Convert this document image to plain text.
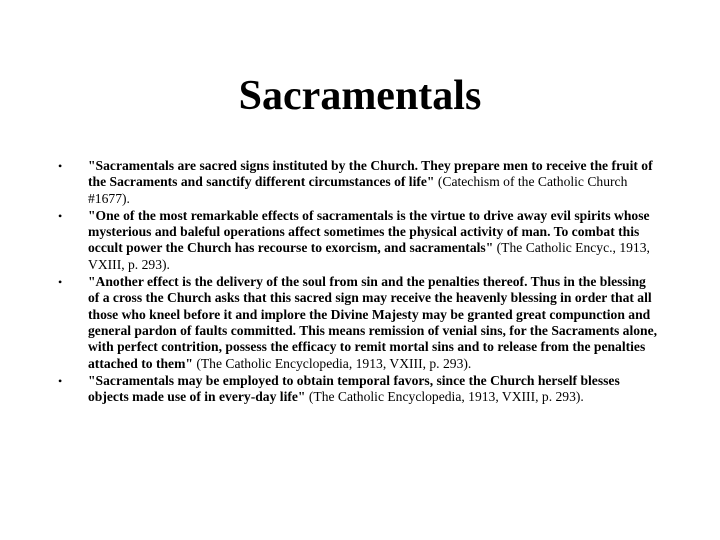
Sacramentals
• "Sacramentals are sacred signs instituted by the Church. They prepare men to receive the fruit of the Sacraments and sanctify different circumstances of life" (Catechism of the Catholic Church #1677).
• "One of the most remarkable effects of sacramentals is the virtue to drive away evil spirits whose mysterious and baleful operations affect sometimes the physical activity of man. To combat this occult power the Church has recourse to exorcism, and sacramentals" (The Catholic Encyc., 1913, VXIII, p. 293).
• "Another effect is the delivery of the soul from sin and the penalties thereof. Thus in the blessing of a cross the Church asks that this sacred sign may receive the heavenly blessing in order that all those who kneel before it and implore the Divine Majesty may be granted great compunction and general pardon of faults committed. This means remission of venial sins, for the Sacraments alone, with perfect contrition, possess the efficacy to remit mortal sins and to release from the penalties attached to them" (The Catholic Encyclopedia, 1913, VXIII, p. 293).
• "Sacramentals may be employed to obtain temporal favors, since the Church herself blesses objects made use of in every-day life" (The Catholic Encyclopedia, 1913, VXIII, p. 293).
